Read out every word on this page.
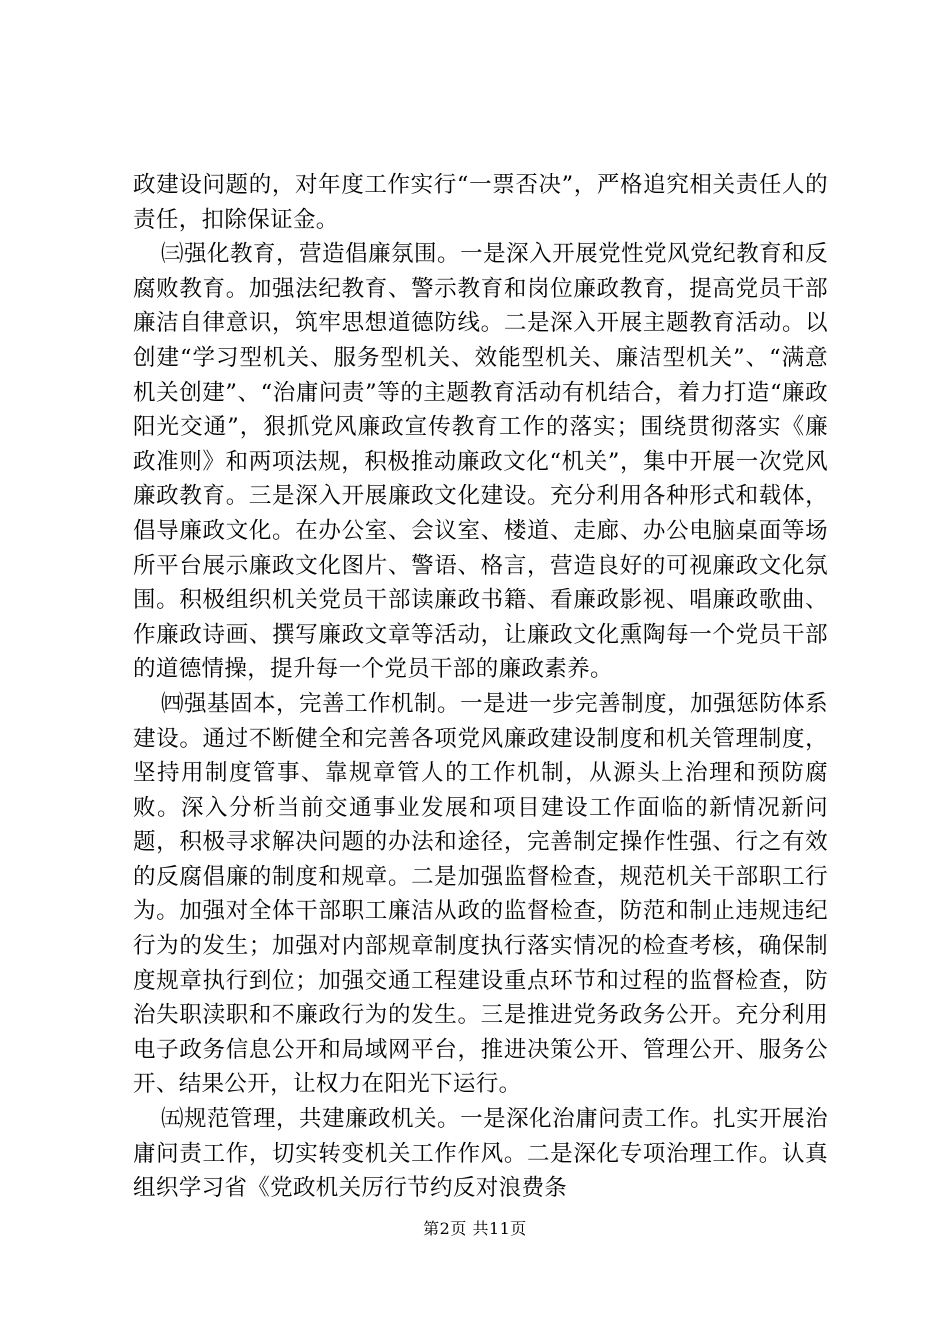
政建设问题的，对年度工作实行“一票否决”，严格追究相关责任人的责任，扣除保证金。

㈢强化教育，营造倡廉氛围。一是深入开展党性党风党纪教育和反腐败教育。加强法纪教育、警示教育和岗位廉政教育，提高党员干部廉洁自律意识，筑牢思想道德防线。二是深入开展主题教育活动。以创建“学习型机关、服务型机关、效能型机关、廉洁型机关”、“满意机关创建”、“治庸问责”等的主题教育活动有机结合，着力打造“廉政阳光交通”，狠抓党风廉政宣传教育工作的落实；围绕贯彻落实《廉政准则》和两项法规，积极推动廉政文化“机关”，集中开展一次党风廉政教育。三是深入开展廉政文化建设。充分利用各种形式和载体，倡导廉政文化。在办公室、会议室、楼道、走廊、办公电脑桌面等场所平台展示廉政文化图片、警语、格言，营造良好的可视廉政文化氛围。积极组织机关党员干部读廉政书籍、看廉政影视、唱廉政歌曲、作廉政诗画、撰写廉政文章等活动，让廉政文化熏陶每一个党员干部的道德情操，提升每一个党员干部的廉政素养。

㈣强基固本，完善工作机制。一是进一步完善制度，加强惩防体系建设。通过不断健全和完善各项党风廉政建设制度和机关管理制度，坚持用制度管事、靠规章管人的工作机制，从源头上治理和预防腐败。深入分析当前交通事业发展和项目建设工作面临的新情况新问题，积极寻求解决问题的办法和途径，完善制定操作性强、行之有效的反腐倡廉的制度和规章。二是加强监督检查，规范机关干部职工行为。加强对全体干部职工廉洁从政的监督检查，防范和制止违规违纪行为的发生；加强对内部规章制度执行落实情况的检查考核，确保制度规章执行到位；加强交通工程建设重点环节和过程的监督检查，防治失职渎职和不廉政行为的发生。三是推进党务政务公开。充分利用电子政务信息公开和局域网平台，推进决策公开、管理公开、服务公开、结果公开，让权力在阳光下运行。

㈤规范管理，共建廉政机关。一是深化治庸问责工作。扎实开展治庸问责工作，切实转变机关工作作风。二是深化专项治理工作。认真组织学习省《党政机关厉行节约反对浪费条

第2页 共11页
